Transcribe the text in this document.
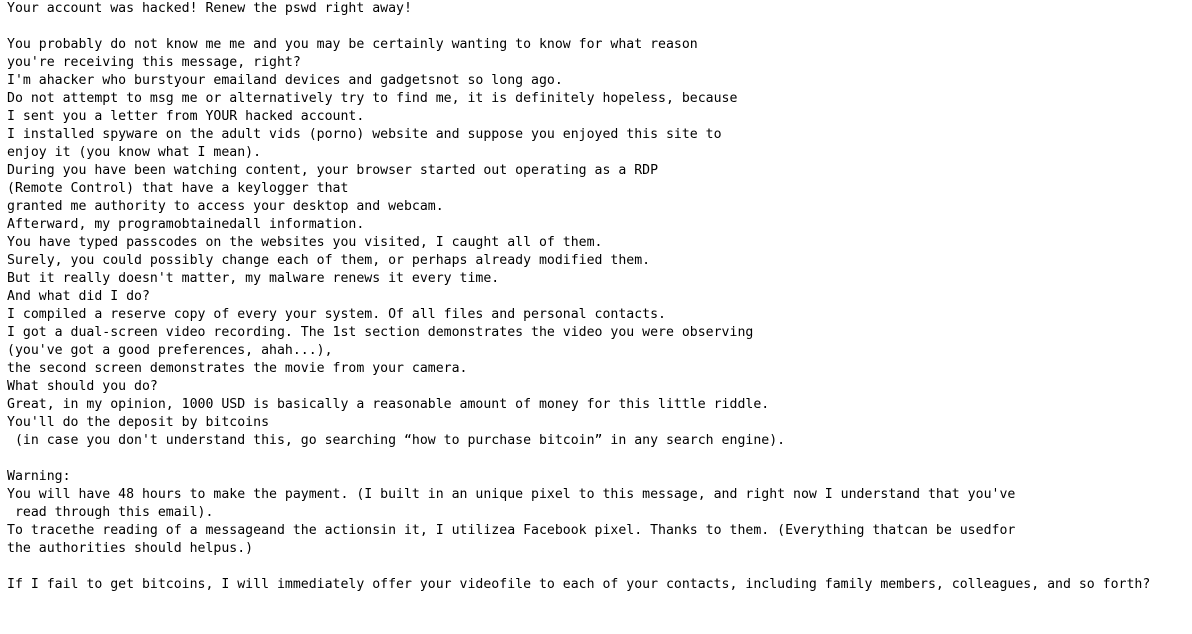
Your account was hacked! Renew the pswd right away!
You probably do not know me me and you may be certainly wanting to know for what reason
you're receiving this message, right?
I'm ahacker who burstyour emailand devices and gadgetsnot so long ago.
Do not attempt to msg me or alternatively try to find me, it is definitely hopeless, because
I sent you a letter from YOUR hacked account.
I installed spyware on the adult vids (porno) website and suppose you enjoyed this site to
enjoy it (you know what I mean).
During you have been watching content, your browser started out operating as a RDP
(Remote Control) that have a keylogger that
granted me authority to access your desktop and webcam.
Afterward, my programobtainedall information.
You have typed passcodes on the websites you visited, I caught all of them.
Surely, you could possibly change each of them, or perhaps already modified them.
But it really doesn't matter, my malware renews it every time.
And what did I do?
I compiled a reserve copy of every your system. Of all files and personal contacts.
I got a dual-screen video recording. The 1st section demonstrates the video you were observing
(you've got a good preferences, ahah...),
the second screen demonstrates the movie from your camera.
What should you do?
Great, in my opinion, 1000 USD is basically a reasonable amount of money for this little riddle.
You'll do the deposit by bitcoins
(in case you don't understand this, go searching “how to purchase bitcoin” in any search engine).
Warning:
You will have 48 hours to make the payment. (I built in an unique pixel to this message, and right now I understand that you've
read through this email).
To tracethe reading of a messageand the actionsin it, I utilizea Facebook pixel. Thanks to them. (Everything thatcan be usedfor
the authorities should helpus.)
If I fail to get bitcoins, I will immediately offer your videofile to each of your contacts, including family members, colleagues, and so forth?
